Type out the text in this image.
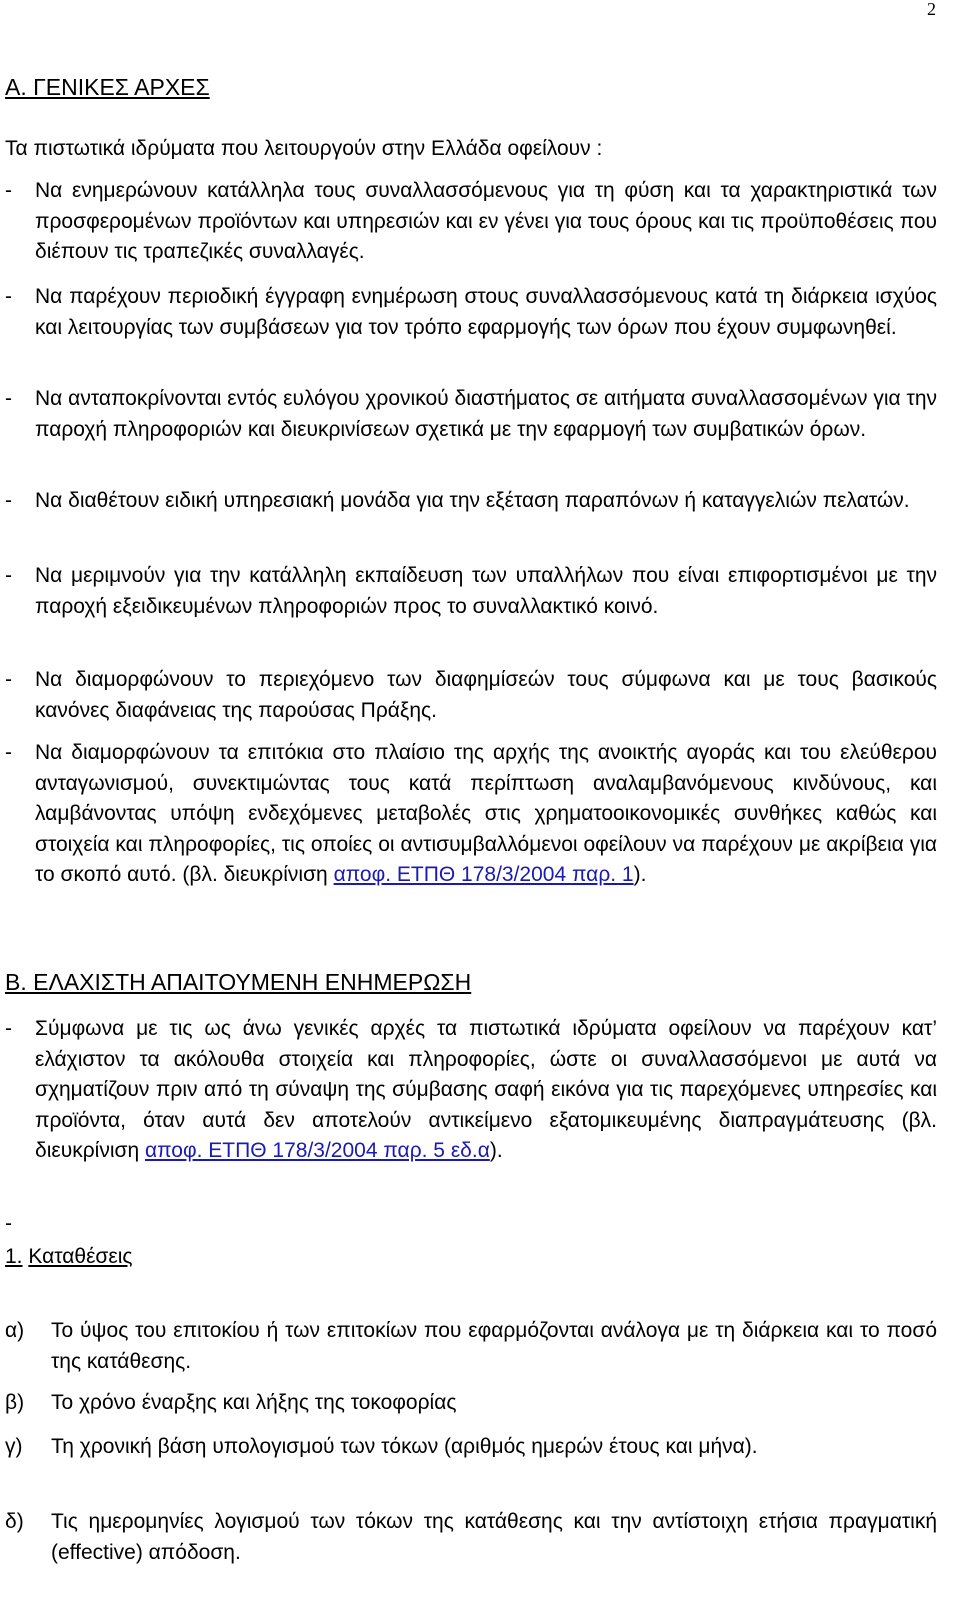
2
Α. ΓΕΝΙΚΕΣ ΑΡΧΕΣ
Τα πιστωτικά ιδρύματα που λειτουργούν στην Ελλάδα οφείλουν :
- Να ενημερώνουν κατάλληλα τους συναλλασσόμενους για τη φύση και τα χαρακτηριστικά των προσφερομένων προϊόντων και υπηρεσιών και εν γένει για τους όρους και τις προϋποθέσεις που διέπουν τις τραπεζικές συναλλαγές.
- Να παρέχουν περιοδική έγγραφη ενημέρωση στους συναλλασσόμενους κατά τη διάρκεια ισχύος και λειτουργίας των συμβάσεων για τον τρόπο εφαρμογής των όρων που έχουν συμφωνηθεί.
- Να ανταποκρίνονται εντός ευλόγου χρονικού διαστήματος σε αιτήματα συναλλασσομένων για την παροχή πληροφοριών και διευκρινίσεων σχετικά με την εφαρμογή των συμβατικών όρων.
- Να διαθέτουν ειδική υπηρεσιακή μονάδα για την εξέταση παραπόνων ή καταγγελιών πελατών.
- Να μεριμνούν για την κατάλληλη εκπαίδευση των υπαλλήλων που είναι επιφορτισμένοι με την παροχή εξειδικευμένων πληροφοριών προς το συναλλακτικό κοινό.
- Να διαμορφώνουν το περιεχόμενο των διαφημίσεών τους σύμφωνα και με τους βασικούς κανόνες διαφάνειας της παρούσας Πράξης.
- Να διαμορφώνουν τα επιτόκια στο πλαίσιο της αρχής της ανοικτής αγοράς και του ελεύθερου ανταγωνισμού, συνεκτιμώντας τους κατά περίπτωση αναλαμβανόμενους κινδύνους, και λαμβάνοντας υπόψη ενδεχόμενες μεταβολές στις χρηματοοικονομικές συνθήκες καθώς και στοιχεία και πληροφορίες, τις οποίες οι αντισυμβαλλόμενοι οφείλουν να παρέχουν με ακρίβεια για το σκοπό αυτό. (βλ. διευκρίνιση αποφ. ΕΤΠΘ 178/3/2004 παρ. 1).
Β. ΕΛΑΧΙΣΤΗ ΑΠΑΙΤΟΥΜΕΝΗ ΕΝΗΜΕΡΩΣΗ
- Σύμφωνα με τις ως άνω γενικές αρχές τα πιστωτικά ιδρύματα οφείλουν να παρέχουν κατ’ ελάχιστον τα ακόλουθα στοιχεία και πληροφορίες, ώστε οι συναλλασσόμενοι με αυτά να σχηματίζουν πριν από τη σύναψη της σύμβασης σαφή εικόνα για τις παρεχόμενες υπηρεσίες και προϊόντα, όταν αυτά δεν αποτελούν αντικείμενο εξατομικευμένης διαπραγμάτευσης (βλ. διευκρίνιση αποφ. ΕΤΠΘ 178/3/2004 παρ. 5 εδ.α).
-
1. Καταθέσεις
α) Το ύψος του επιτοκίου ή των επιτοκίων που εφαρμόζονται ανάλογα με τη διάρκεια και το ποσό της κατάθεσης.
β) Το χρόνο έναρξης και λήξης της τοκοφορίας
γ) Τη χρονική βάση υπολογισμού των τόκων (αριθμός ημερών έτους και μήνα).
δ) Τις ημερομηνίες λογισμού των τόκων της κατάθεσης και την αντίστοιχη ετήσια πραγματική (effective) απόδοση.
